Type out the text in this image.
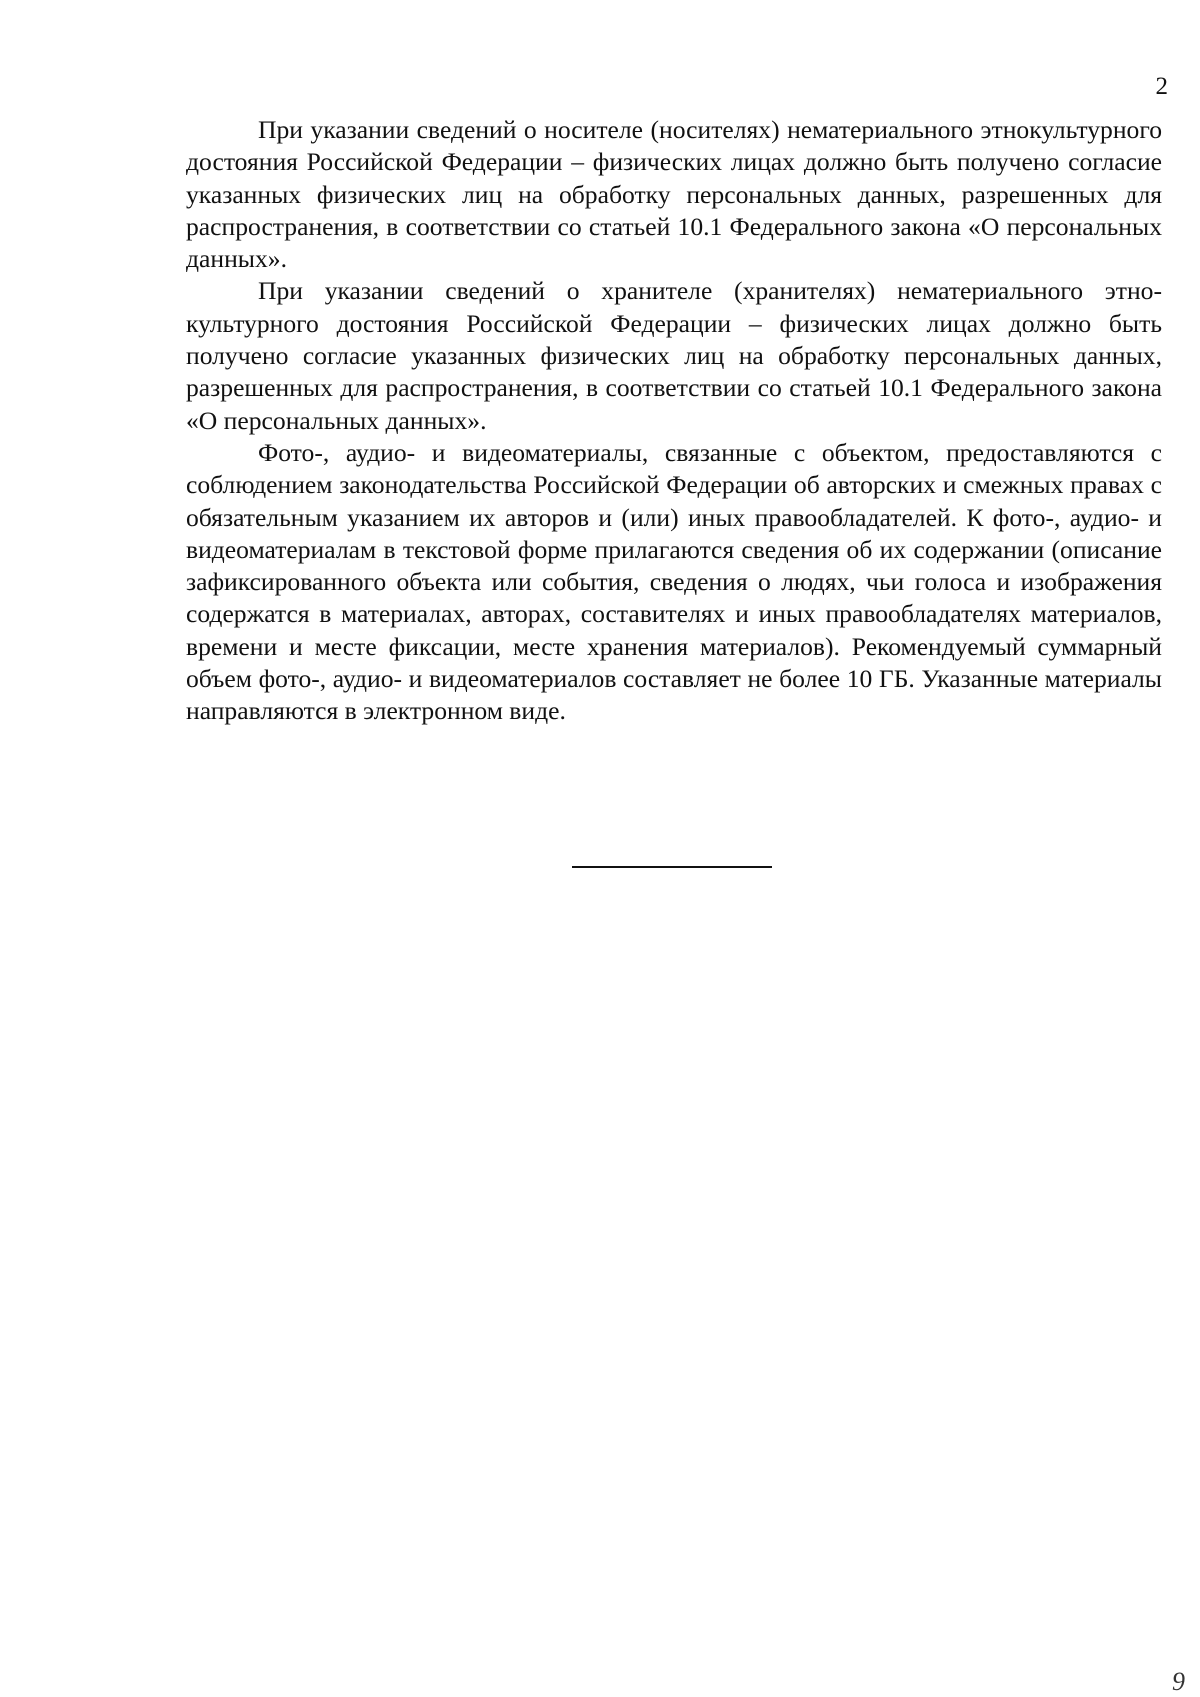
2

При указании сведений о носителе (носителях) нематериального этнокультурного достояния Российской Федерации – физических лицах должно быть получено согласие указанных физических лиц на обработку персональных данных, разрешенных для распространения, в соответствии со статьей 10.1 Федерального закона «О персональных данных».

При указании сведений о хранителе (хранителях) нематериального этнокультурного достояния Российской Федерации – физических лицах должно быть получено согласие указанных физических лиц на обработку персональных данных, разрешенных для распространения, в соответствии со статьей 10.1 Федерального закона «О персональных данных».

Фото-, аудио- и видеоматериалы, связанные с объектом, предоставляются с соблюдением законодательства Российской Федерации об авторских и смежных правах с обязательным указанием их авторов и (или) иных правообладателей. К фото-, аудио- и видеоматериалам в текстовой форме прилагаются сведения об их содержании (описание зафиксированного объекта или события, сведения о людях, чьи голоса и изображения содержатся в материалах, авторах, составителях и иных правообладателях материалов, времени и месте фиксации, месте хранения материалов). Рекомендуемый суммарный объем фото-, аудио- и видеоматериалов составляет не более 10 ГБ. Указанные материалы направляются в электронном виде.

9
